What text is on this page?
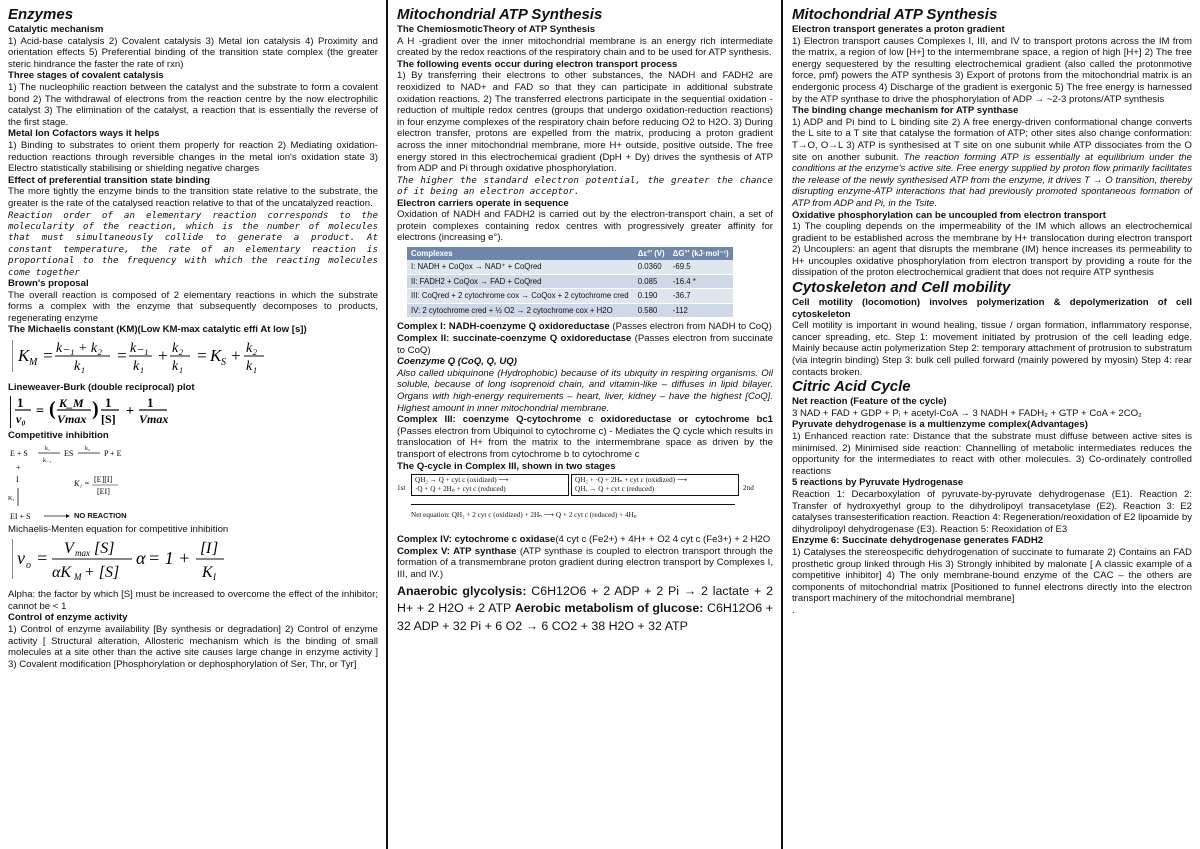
Enzymes

Catalytic mechanism

1) Acid-base catalysis 2) Covalent catalysis 3) Metal ion catalysis 4) Proximity and orientation effects 5) Preferential binding of the transition state complex (the greater steric hindrance the faster the rate of rxn)

Three stages of covalent catalysis

1) The nucleophilic reaction between the catalyst and the substrate to form a covalent bond 2) The withdrawal of electrons from the reaction centre by the now electrophilic catalyst 3) The elimination of the catalyst, a reaction that is essentially the reverse of the first stage.

Metal Ion Cofactors ways it helps

1) Binding to substrates to orient them properly for reaction 2) Mediating oxidation-reduction reactions through reversible changes in the metal ion's oxidation state 3) Electro statistically stabilising or shielding negative charges

Effect of preferential transition state binding

The more tightly the enzyme binds to the transition state relative to the substrate, the greater is the rate of the catalysed reaction relative to that of the uncatalyzed reaction.

Reaction order of an elementary reaction corresponds to the molecularity of the reaction, which is the number of molecules that must simultaneously collide to generate a product. At constant temperature, the rate of an elementary reaction is proportional to the frequency with which the reacting molecules come together

Brown's proposal

The overall reaction is composed of 2 elementary reactions in which the substrate forms a complex with the enzyme that subsequently decomposes to products, regenerating enzyme

The Michaelis constant (KM)(Low KM-max catalytic effi At low [s])

K M = k₋₁ + k₂
k₁
= k₋₁
k₁
+ k₂
k₁
= K S + k₂
k₁

Lineweaver-Burk (double reciprocal) plot

1
v₀ = ( K_M
Vmax ) 1
[S] +
1
Vmax

Competitive inhibition

E + S	k₁
k₋₁
ES k₂ P + E
+
I
K₁
K₁ = [E][I]
[EI]
EI + S	NO REACTION

Michaelis-Menten equation for competitive inhibition

v o = V max [S]
αK M + [S]
α = 1 + [ I ]
K I

Alpha: the factor by which [S] must be increased to overcome the effect of the inhibitor; cannot be < 1

Control of enzyme activity

1) Control of enzyme availability [By synthesis or degradation] 2) Control of enzyme activity [ Structural alteration, Allosteric mechanism which is the binding of small molecules at a site other than the active site causes large change in enzyme activity ] 3) Covalent modification [Phosphorylation or dephosphorylation of Ser, Thr, or Tyr]

Mitochondrial ATP Synthesis

The ChemiosmoticTheory of ATP Synthesis

A H -gradient over the inner mitochondrial membrane is an energy rich intermediate created by the redox reactions of the respiratory chain and to be used for ATP synthesis.

The following events occur during electron transport process

1) By transferring their electrons to other substances, the NADH and FADH2 are reoxidized to NAD+ and FAD so that they can participate in additional substrate oxidation reactions. 2) The transferred electrons participate in the sequential oxidation - reduction of multiple redox centres (groups that undergo oxidation-reduction reactions) in four enzyme complexes of the respiratory chain before reducing O2 to H2O. 3) During electron transfer, protons are expelled from the matrix, producing a proton gradient across the inner mitochondrial membrane, more H+ outside, positive outside. The free energy stored in this electrochemical gradient (DpH + Dy) drives the synthesis of ATP from ADP and Pi through oxidative phosphorylation.

The higher the standard electron potential, the greater the chance of it being an electron acceptor.

Electron carriers operate in sequence

Oxidation of NADH and FADH2 is carried out by the electron-transport chain, a set of protein complexes containing redox centres with progressively greater affinity for electrons (increasing e°).

Complexes	Δε°' (V)	ΔG°' (kJ·mol⁻¹)
I: NADH + CoQox → NAD⁺ + CoQred	0.0360	-69.5
II: FADH2 + CoQox → FAD + CoQred	0.085	-16.4 *
III: CoQred + 2 cytochrome cox → CoQox + 2 cytochrome cred	0.190	-36.7
IV: 2 cytochrome cred + ½ O2 → 2 cytochrome cox + H2O	0.580	-112

Complex I: NADH-coenzyme Q oxidoreductase (Passes electron from NADH to CoQ)

Complex II: succinate-coenzyme Q oxidoreductase (Passes electron from succinate to CoQ)

Coenzyme Q (CoQ, Q, UQ)

Also called ubiquinone (Hydrophobic) because of its ubiquity in respiring organisms. Oil soluble, because of long isoprenoid chain, and vitamin-like – diffuses in lipid bilayer. Organs with high-energy requirements – heart, liver, kidney – have the highest [CoQ]. Highest amount in inner mitochondrial membrane.

Complex III: coenzyme Q-cytochrome c oxidoreductase or cytochrome bc1 (Passes electron from Ubiquinol to cytochrome c) - Mediates the Q cycle which results in translocation of H+ from the matrix to the intermembrane space as driven by the transport of electrons from cytochrome b to cytochrome c

The Q-cycle in Complex III, shown in two stages

1st
QH₂ → Q + cyt c (oxidized) ⟶
·Q + Q + 2Hₚ + cyt c (reduced)
QH₂ + ·Q + 2Hₙ + cyt c (oxidized) ⟶
QHₓ → Q + cyt c (reduced)	2nd
Net equation: QH₂ + 2 cyt c (oxidized) + 2Hₙ ⟶ Q + 2 cyt c (reduced) + 4Hₚ

Complex IV: cytochrome c oxidase(4 cyt c (Fe2+) + 4H+ + O2 4 cyt c (Fe3+) + 2 H2O

Complex V: ATP synthase (ATP synthase is coupled to electron transport through the formation of a transmembrane proton gradient during electron transport by Complexes I, III, and IV.)

Anaerobic glycolysis: C6H12O6 + 2 ADP + 2 Pi → 2 lactate + 2 H+ + 2 H2O + 2 ATP Aerobic metabolism of glucose: C6H12O6 + 32 ADP + 32 Pi + 6 O2 → 6 CO2 + 38 H2O + 32 ATP
Mitochondrial ATP Synthesis

Electron transport generates a proton gradient

1) Electron transport causes Complexes I, III, and IV to transport protons across the IM from the matrix, a region of low [H+] to the intermembrane space, a region of high [H+] 2) The free energy sequestered by the resulting electrochemical gradient (also called the protonmotive force, pmf) powers the ATP synthesis 3) Export of protons from the mitochondrial matrix is an endergonic process 4) Discharge of the gradient is exergonic 5) The free energy is harnessed by the ATP synthase to drive the phosphorylation of ADP → ~2-3 protons/ATP synthesis

The binding change mechanism for ATP synthase

1) ADP and Pi bind to L binding site 2) A free energy-driven conformational change converts the L site to a T site that catalyse the formation of ATP; other sites also change conformation: T→O, O→L 3) ATP is synthesised at T site on one subunit while ATP dissociates from the O site on another subunit. The reaction forming ATP is essentially at equilibrium under the conditions at the enzyme's active site. Free energy supplied by proton flow primarily facilitates the release of the newly synthesised ATP from the enzyme, it drives T → O transition, thereby disrupting enzyme-ATP interactions that had previously promoted spontaneous formation of ATP from ADP and Pi, in the Tsite.

Oxidative phosphorylation can be uncoupled from electron transport

1) The coupling depends on the impermeability of the IM which allows an electrochemical gradient to be established across the membrane by H+ translocation during electron transport 2) Uncouplers: an agent that disrupts the membrane (IM) hence increases its permeability to H+ uncouples oxidative phosphorylation from electron transport by providing a route for the dissipation of the proton electrochemical gradient that does not require ATP synthesis

Cytoskeleton and Cell mobility

Cell motility (locomotion) involves polymerization & depolymerization of cell cytoskeleton

Cell motility is important in wound healing, tissue / organ formation, inflammatory response, cancer spreading, etc. Step 1: movement initiated by protrusion of the cell leading edge. Mainly because actin polymerization Step 2: temporary attachment of protrusion to substratum (via integrin binding) Step 3: bulk cell pulled forward (mainly powered by myosin) Step 4: rear contacts broken.

Citric Acid Cycle

Net reaction (Feature of the cycle)

3 NAD + FAD + GDP + Pᵢ + acetyl-CoA → 3 NADH + FADH₂ + GTP + CoA + 2CO₂

Pyruvate dehydrogenase is a multienzyme complex(Advantages)

1) Enhanced reaction rate: Distance that the substrate must diffuse between active sites is minimised. 2) Minimised side reaction: Channelling of metabolic intermediates reduces the opportunity for the intermediates to react with other molecules. 3) Co-ordinately controlled reactions

5 reactions by Pyruvate Hydrogenase

Reaction 1: Decarboxylation of pyruvate-by-pyruvate dehydrogenase (E1). Reaction 2: Transfer of hydroxyethyl group to the dihydrolipoyl transacetylase (E2). Reaction 3: E2 catalyses transesterification reaction. Reaction 4: Regeneration/reoxidation of E2 lipoamide by dihydrolipoyl dehydrogenase (E3). Reaction 5: Reoxidation of E3

Enzyme 6: Succinate dehydrogenase generates FADH2

1) Catalyses the stereospecific dehydrogenation of succinate to fumarate 2) Contains an FAD prosthetic group linked through His 3) Strongly inhibited by malonate [ A classic example of a competitive inhibitor] 4) The only membrane-bound enzyme of the CAC – the others are components of mitochondrial matrix [Positioned to funnel electrons directly into the electron transport machinery of the mitochondrial membrane]

.
